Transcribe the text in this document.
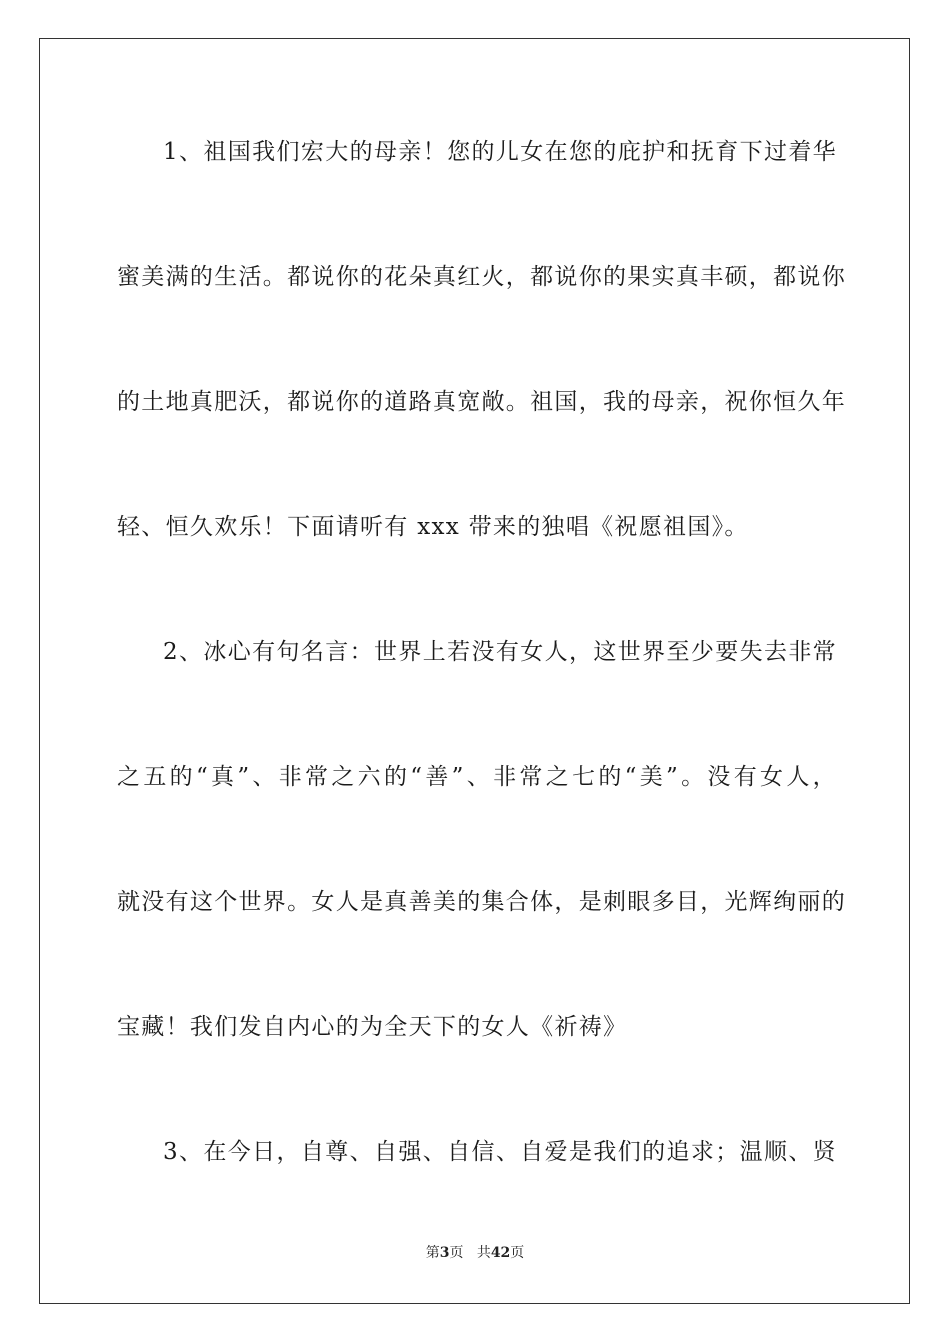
1、祖国我们宏大的母亲！您的儿女在您的庇护和抚育下过着华
蜜美满的生活。都说你的花朵真红火，都说你的果实真丰硕，都说你
的土地真肥沃，都说你的道路真宽敞。祖国，我的母亲，祝你恒久年
轻、恒久欢乐！下面请听有 xxx 带来的独唱《祝愿祖国》。
2、冰心有句名言：世界上若没有女人，这世界至少要失去非常
之五的“真”、非常之六的“善”、非常之七的“美”。没有女人，
就没有这个世界。女人是真善美的集合体，是刺眼多目，光辉绚丽的
宝藏！我们发自内心的为全天下的女人《祈祷》
3、在今日，自尊、自强、自信、自爱是我们的追求；温顺、贤
第3页 共42页
